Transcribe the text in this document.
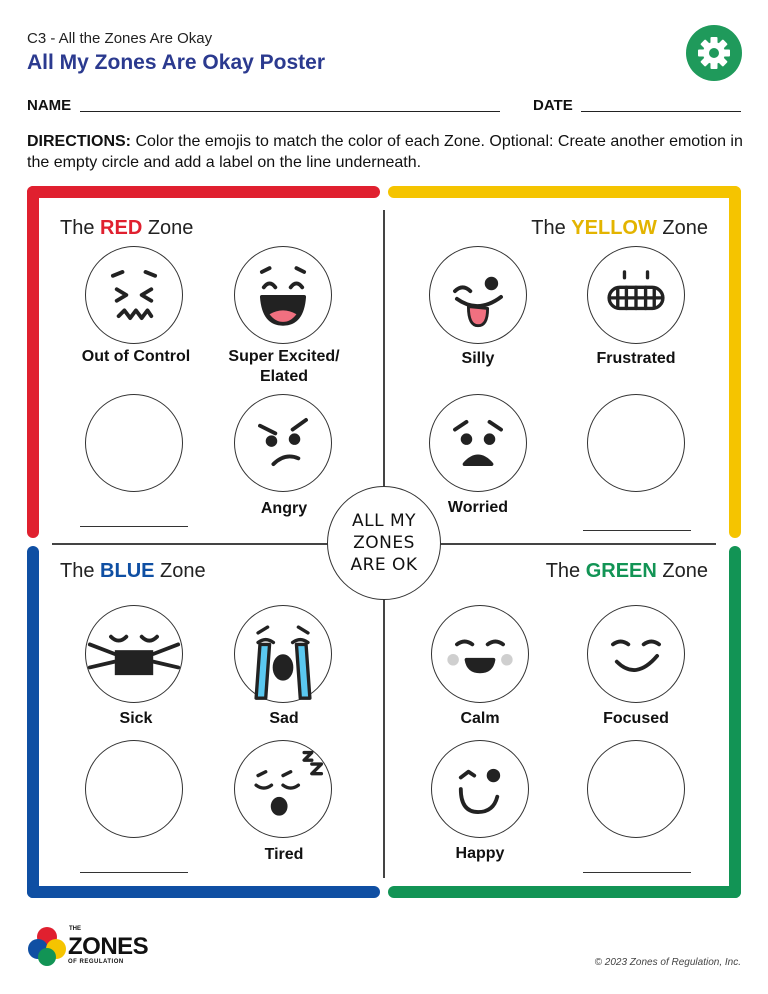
C3 - All the Zones Are Okay
All My Zones Are Okay Poster
NAME	DATE
DIRECTIONS: Color the emojis to match the color of each Zone. Optional: Create another emotion in the empty circle and add a label on the line underneath.
The RED Zone	The YELLOW Zone
The BLUE Zone	The GREEN Zone
Out of Control	Super Excited/
Elated
Angry
Silly	Frustrated
Worried
Sick	Sad
Tired
Calm	Focused
Happy
ALL MY
ZONES
ARE OK
THE
ZONES
OF REGULATION	© 2023 Zones of Regulation, Inc.
